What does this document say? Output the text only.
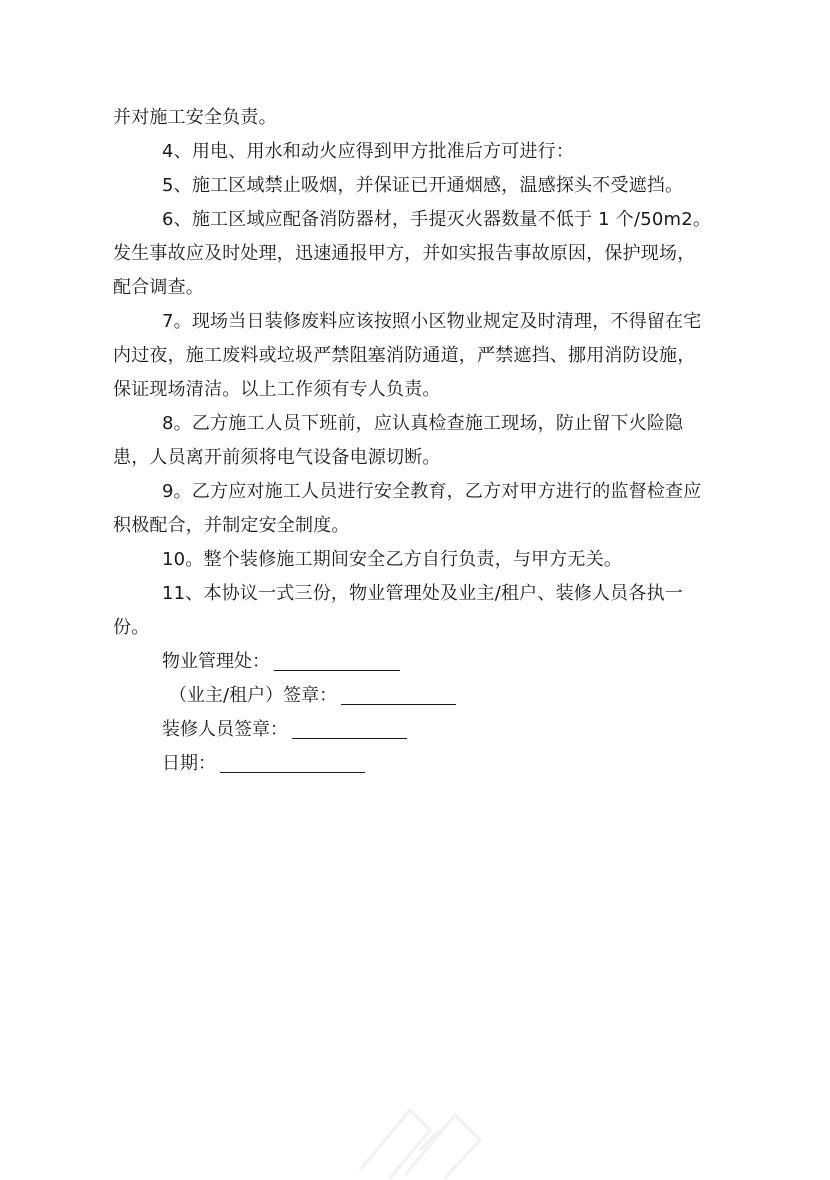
并对施工安全负责。

4、用电、用水和动火应得到甲方批准后方可进行：

5、施工区域禁止吸烟，并保证已开通烟感，温感探头不受遮挡。

6、施工区域应配备消防器材，手提灭火器数量不低于 1 个/50m2。发生事故应及时处理，迅速通报甲方，并如实报告事故原因，保护现场，配合调查。

7。现场当日装修废料应该按照小区物业规定及时清理，不得留在宅内过夜，施工废料或垃圾严禁阻塞消防通道，严禁遮挡、挪用消防设施，保证现场清洁。以上工作须有专人负责。

8。乙方施工人员下班前，应认真检查施工现场，防止留下火险隐患，人员离开前须将电气设备电源切断。

9。乙方应对施工人员进行安全教育，乙方对甲方进行的监督检查应积极配合，并制定安全制度。

10。整个装修施工期间安全乙方自行负责，与甲方无关。

11、本协议一式三份，物业管理处及业主/租户、装修人员各执一份。

物业管理处：
（业主/租户）签章：
装修人员签章：
日期：
